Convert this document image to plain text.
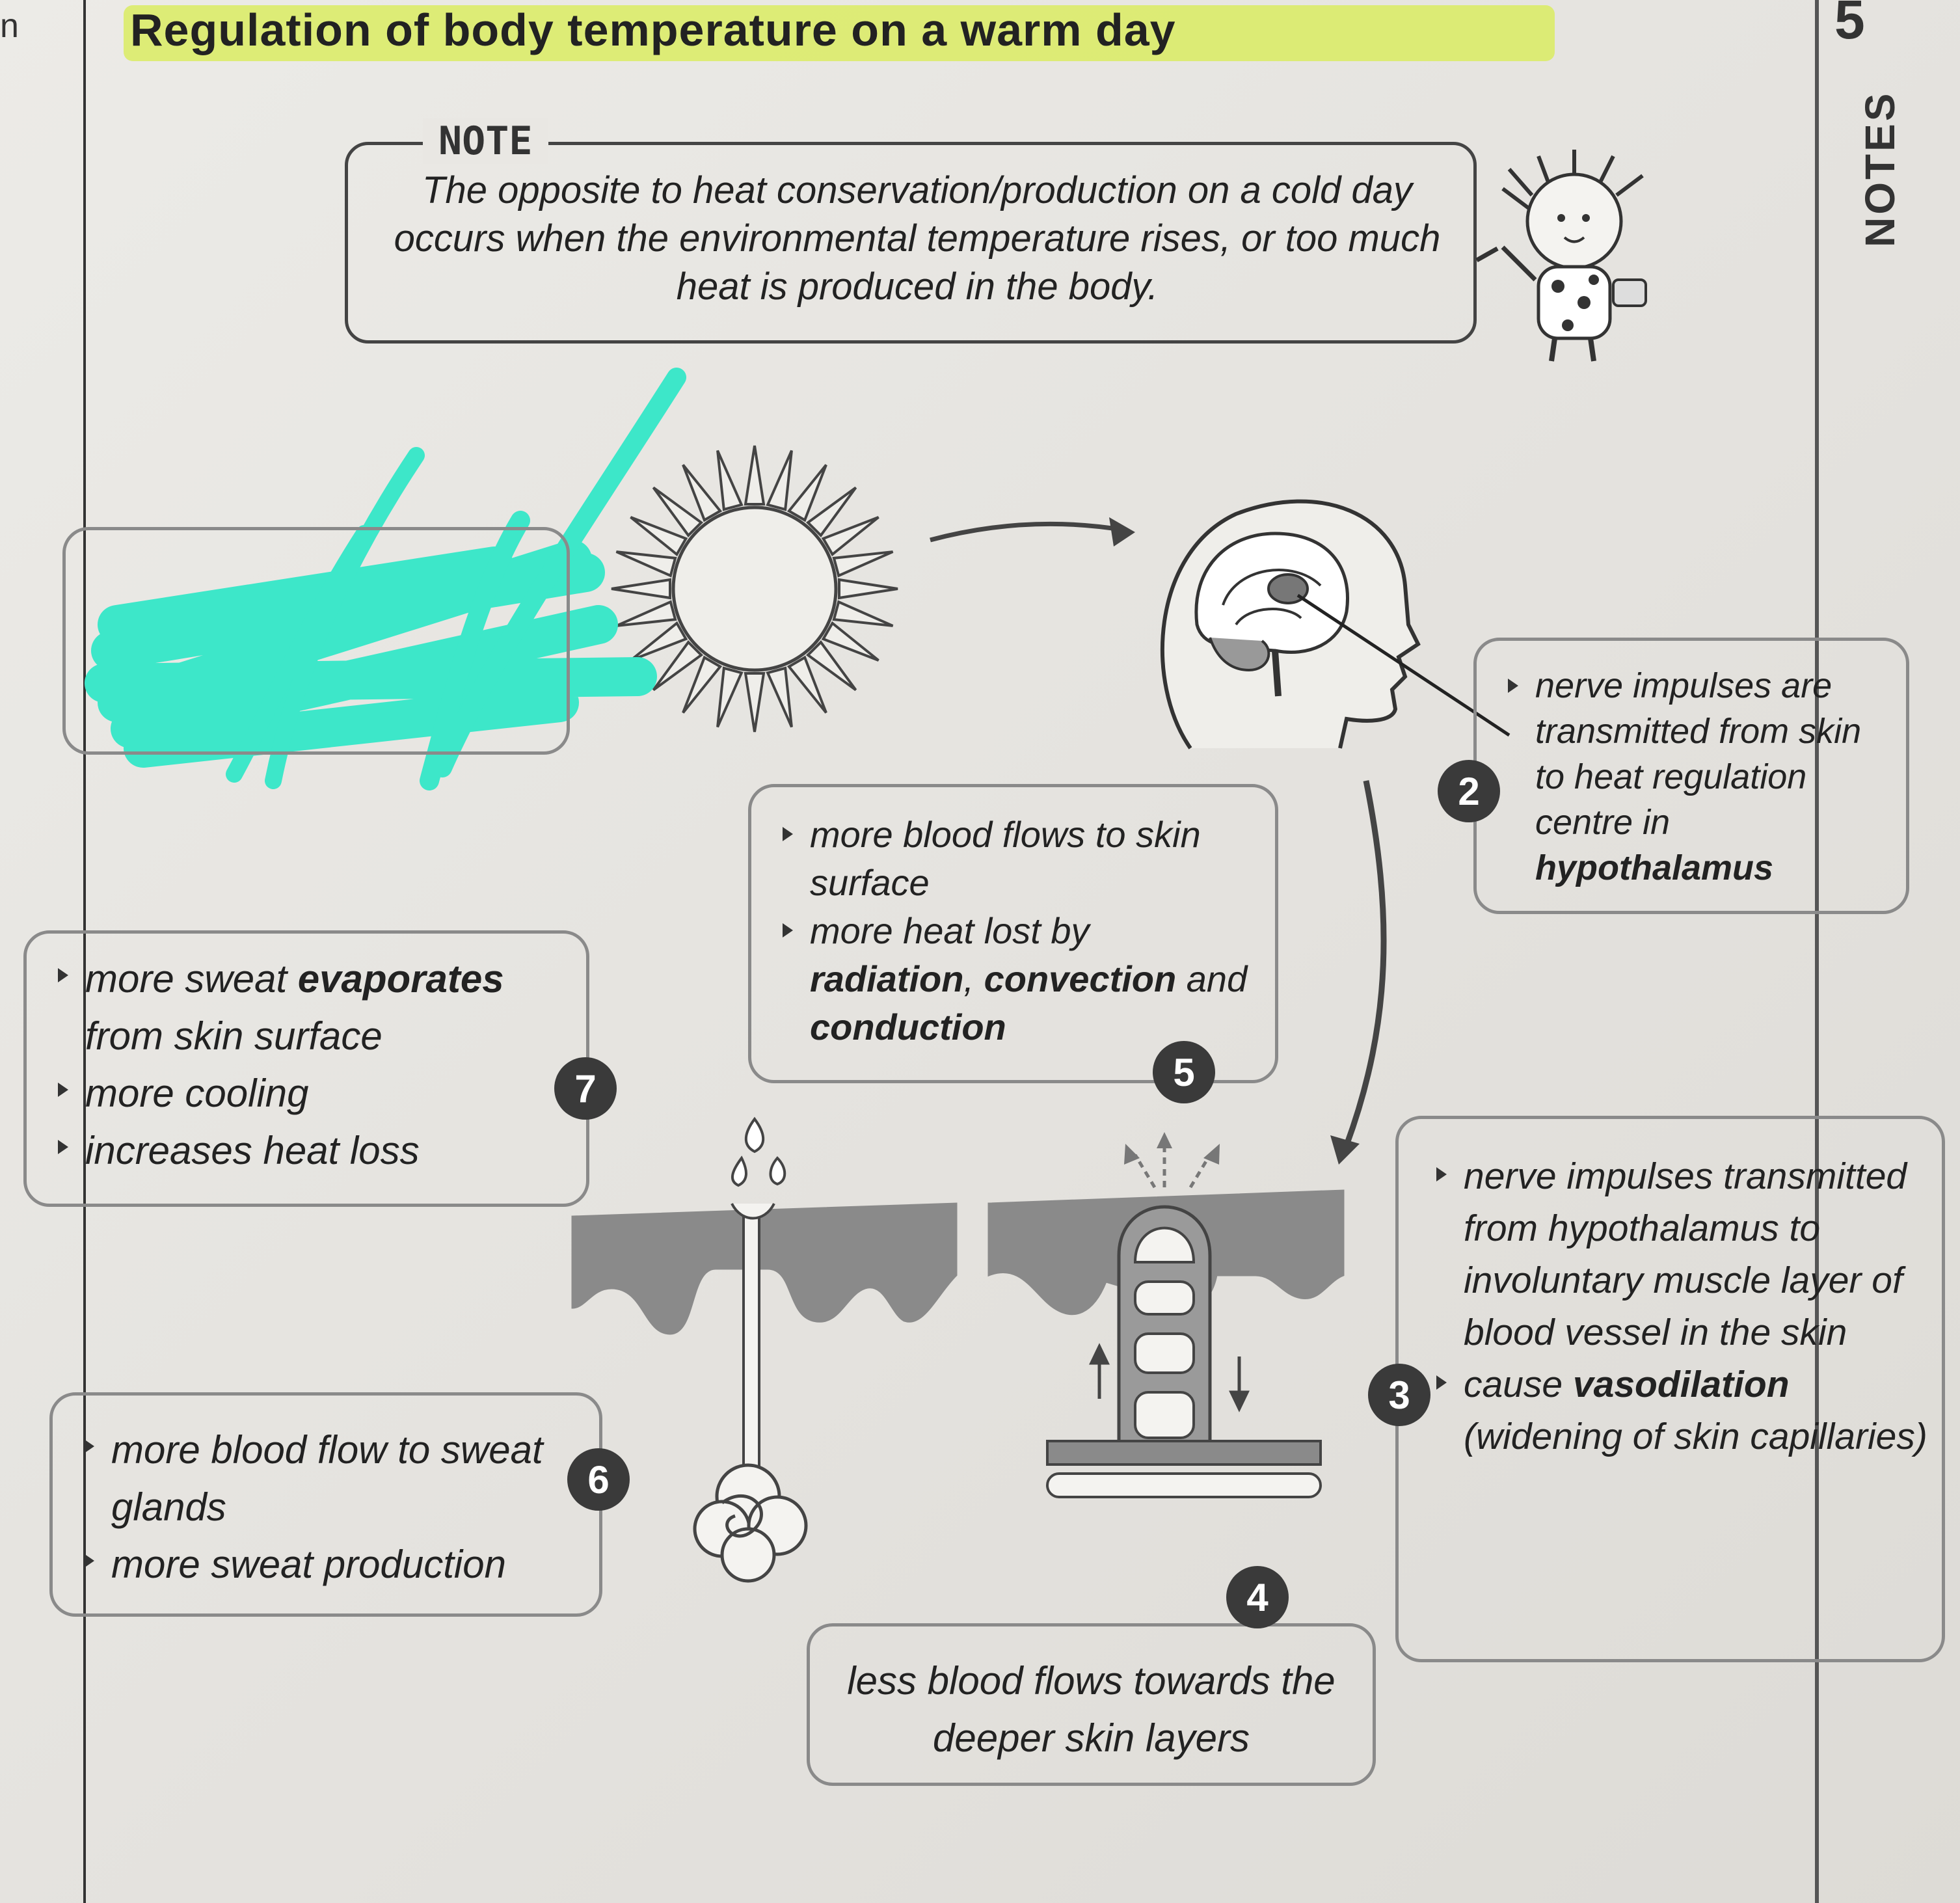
n	5
NOTES
Regulation of body temperature on a warm day
NOTE
The opposite to heat conservation/production on a cold day occurs when the environmental temperature rises, or too much heat is produced in the body.
nerve impulses are transmitted from skin to heat regulation centre in hypothalamus
2
nerve impulses transmitted from hypothalamus to involuntary muscle layer of blood vessel in the skin
cause vasodilation (widening of skin capillaries)
3
less blood flows towards the deeper skin layers
4
more blood flows to skin surface
more heat lost by radiation, convection and conduction
5
more blood flow to sweat glands
more sweat production
6
more sweat evaporates from skin surface
more cooling
increases heat loss
7
